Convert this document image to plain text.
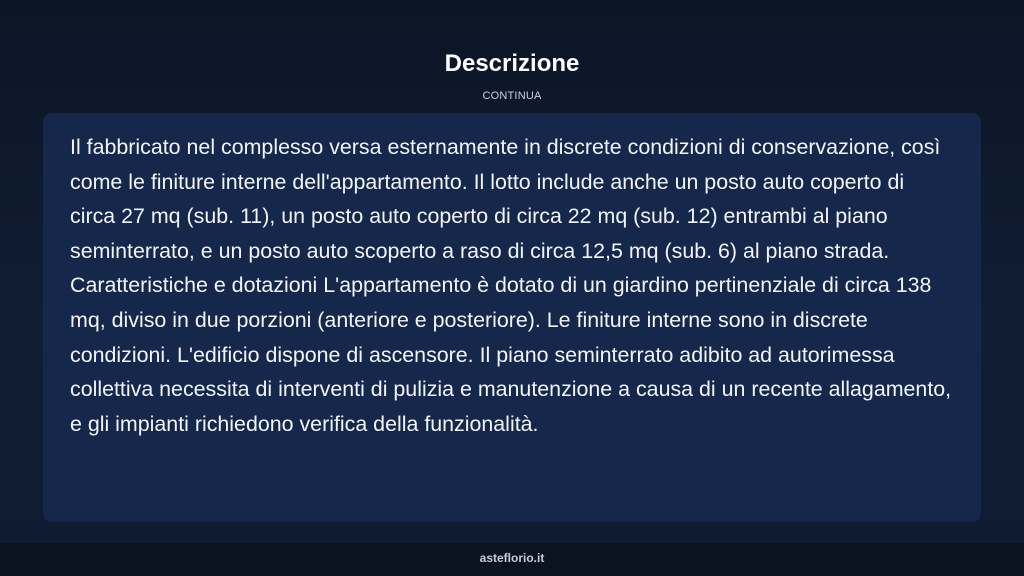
Descrizione
CONTINUA

Il fabbricato nel complesso versa esternamente in discrete condizioni di conservazione, così come le finiture interne dell'appartamento. Il lotto include anche un posto auto coperto di circa 27 mq (sub. 11), un posto auto coperto di circa 22 mq (sub. 12) entrambi al piano seminterrato, e un posto auto scoperto a raso di circa 12,5 mq (sub. 6) al piano strada. Caratteristiche e dotazioni L'appartamento è dotato di un giardino pertinenziale di circa 138 mq, diviso in due porzioni (anteriore e posteriore). Le finiture interne sono in discrete condizioni. L'edificio dispone di ascensore. Il piano seminterrato adibito ad autorimessa collettiva necessita di interventi di pulizia e manutenzione a causa di un recente allagamento, e gli impianti richiedono verifica della funzionalità.

asteflorio.it
